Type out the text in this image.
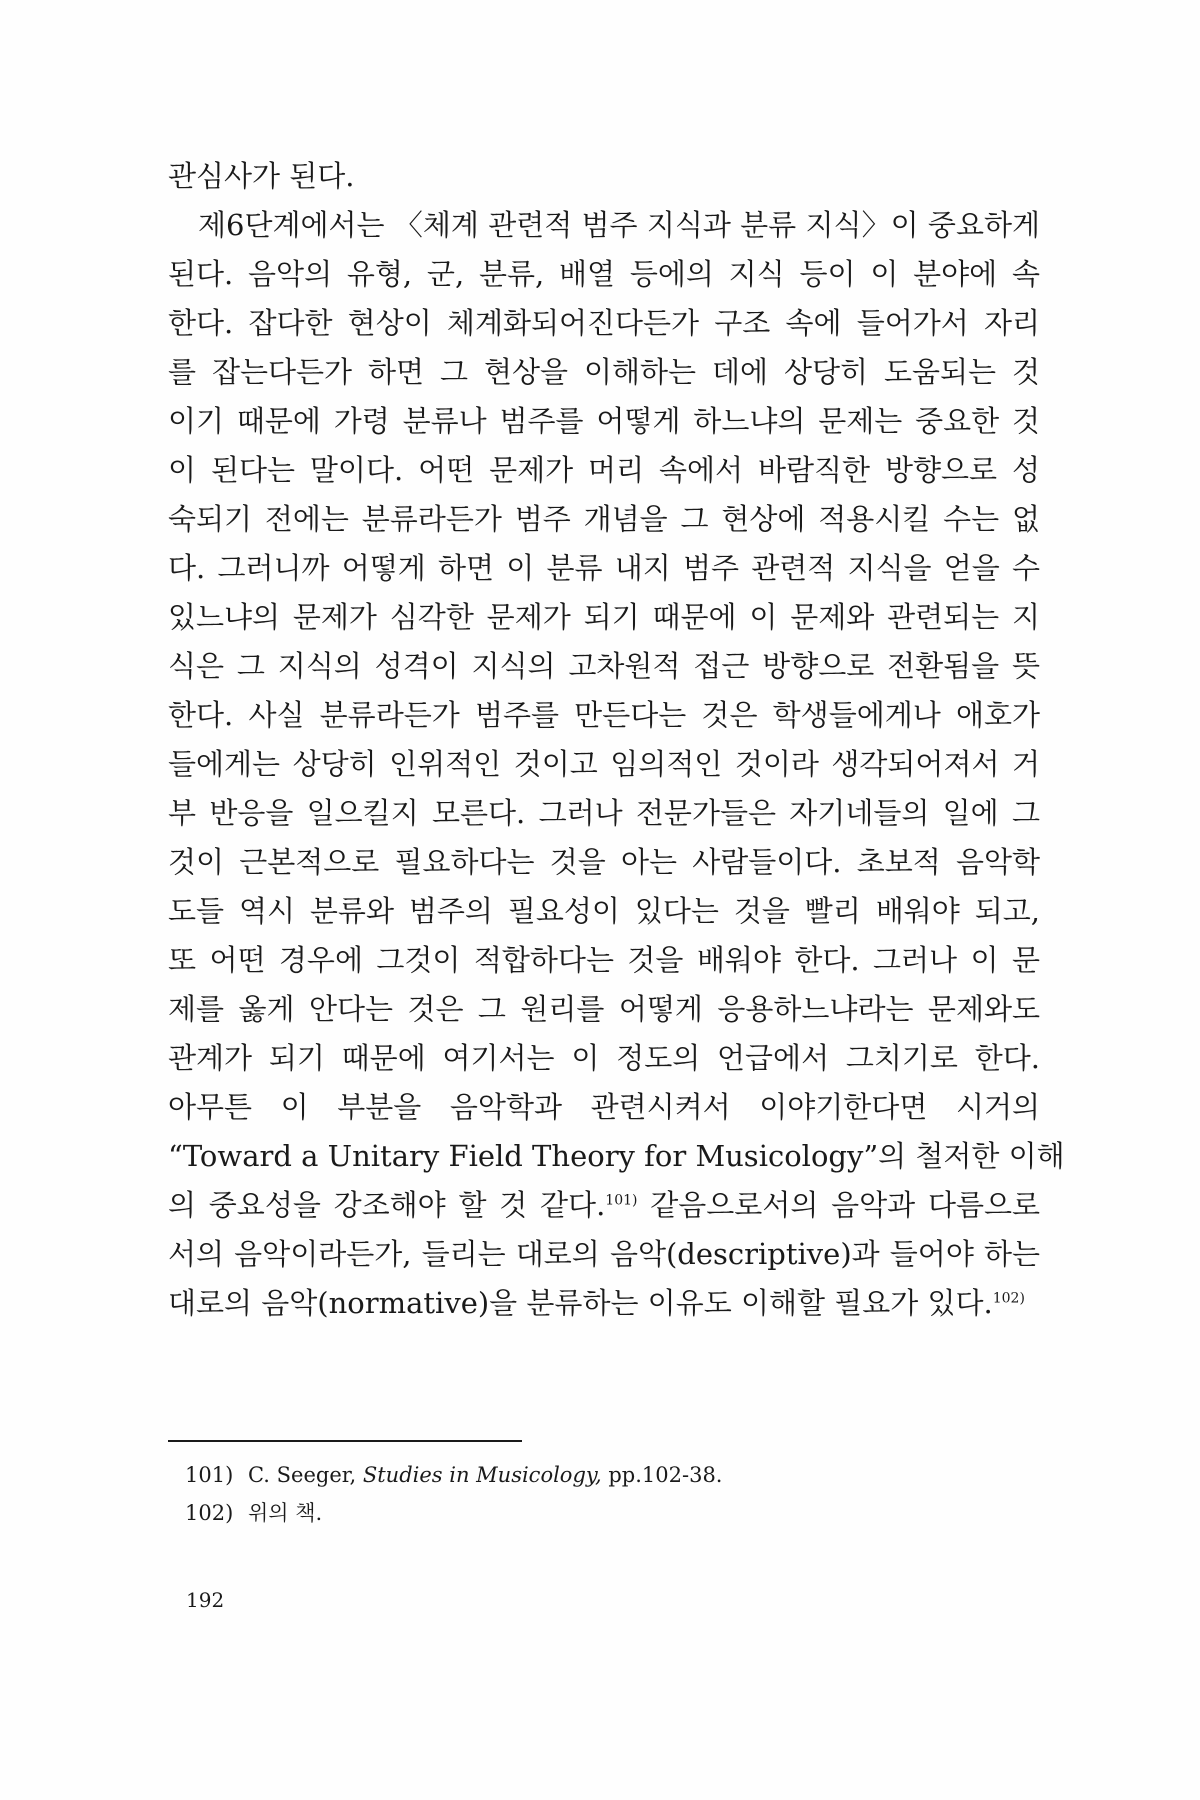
관심사가 된다.
제6단계에서는 〈체계 관련적 범주 지식과 분류 지식〉이 중요하게
된다. 음악의 유형, 군, 분류, 배열 등에의 지식 등이 이 분야에 속
한다. 잡다한 현상이 체계화되어진다든가 구조 속에 들어가서 자리
를 잡는다든가 하면 그 현상을 이해하는 데에 상당히 도움되는 것
이기 때문에 가령 분류나 범주를 어떻게 하느냐의 문제는 중요한 것
이 된다는 말이다. 어떤 문제가 머리 속에서 바람직한 방향으로 성
숙되기 전에는 분류라든가 범주 개념을 그 현상에 적용시킬 수는 없
다. 그러니까 어떻게 하면 이 분류 내지 범주 관련적 지식을 얻을 수
있느냐의 문제가 심각한 문제가 되기 때문에 이 문제와 관련되는 지
식은 그 지식의 성격이 지식의 고차원적 접근 방향으로 전환됨을 뜻
한다. 사실 분류라든가 범주를 만든다는 것은 학생들에게나 애호가
들에게는 상당히 인위적인 것이고 임의적인 것이라 생각되어져서 거
부 반응을 일으킬지 모른다. 그러나 전문가들은 자기네들의 일에 그
것이 근본적으로 필요하다는 것을 아는 사람들이다. 초보적 음악학
도들 역시 분류와 범주의 필요성이 있다는 것을 빨리 배워야 되고,
또 어떤 경우에 그것이 적합하다는 것을 배워야 한다. 그러나 이 문
제를 옳게 안다는 것은 그 원리를 어떻게 응용하느냐라는 문제와도
관계가 되기 때문에 여기서는 이 정도의 언급에서 그치기로 한다.
아무튼 이 부분을 음악학과 관련시켜서 이야기한다면 시거의
“Toward a Unitary Field Theory for Musicology”의 철저한 이해
의 중요성을 강조해야 할 것 같다.$^{101)}$ 같음으로서의 음악과 다름으로
서의 음악이라든가, 들리는 대로의 음악(descriptive)과 들어야 하는
대로의 음악(normative)을 분류하는 이유도 이해할 필요가 있다.$^{102)}$
101) C. Seeger, Studies in Musicology, pp.102-38.
102) 위의 책.
192
